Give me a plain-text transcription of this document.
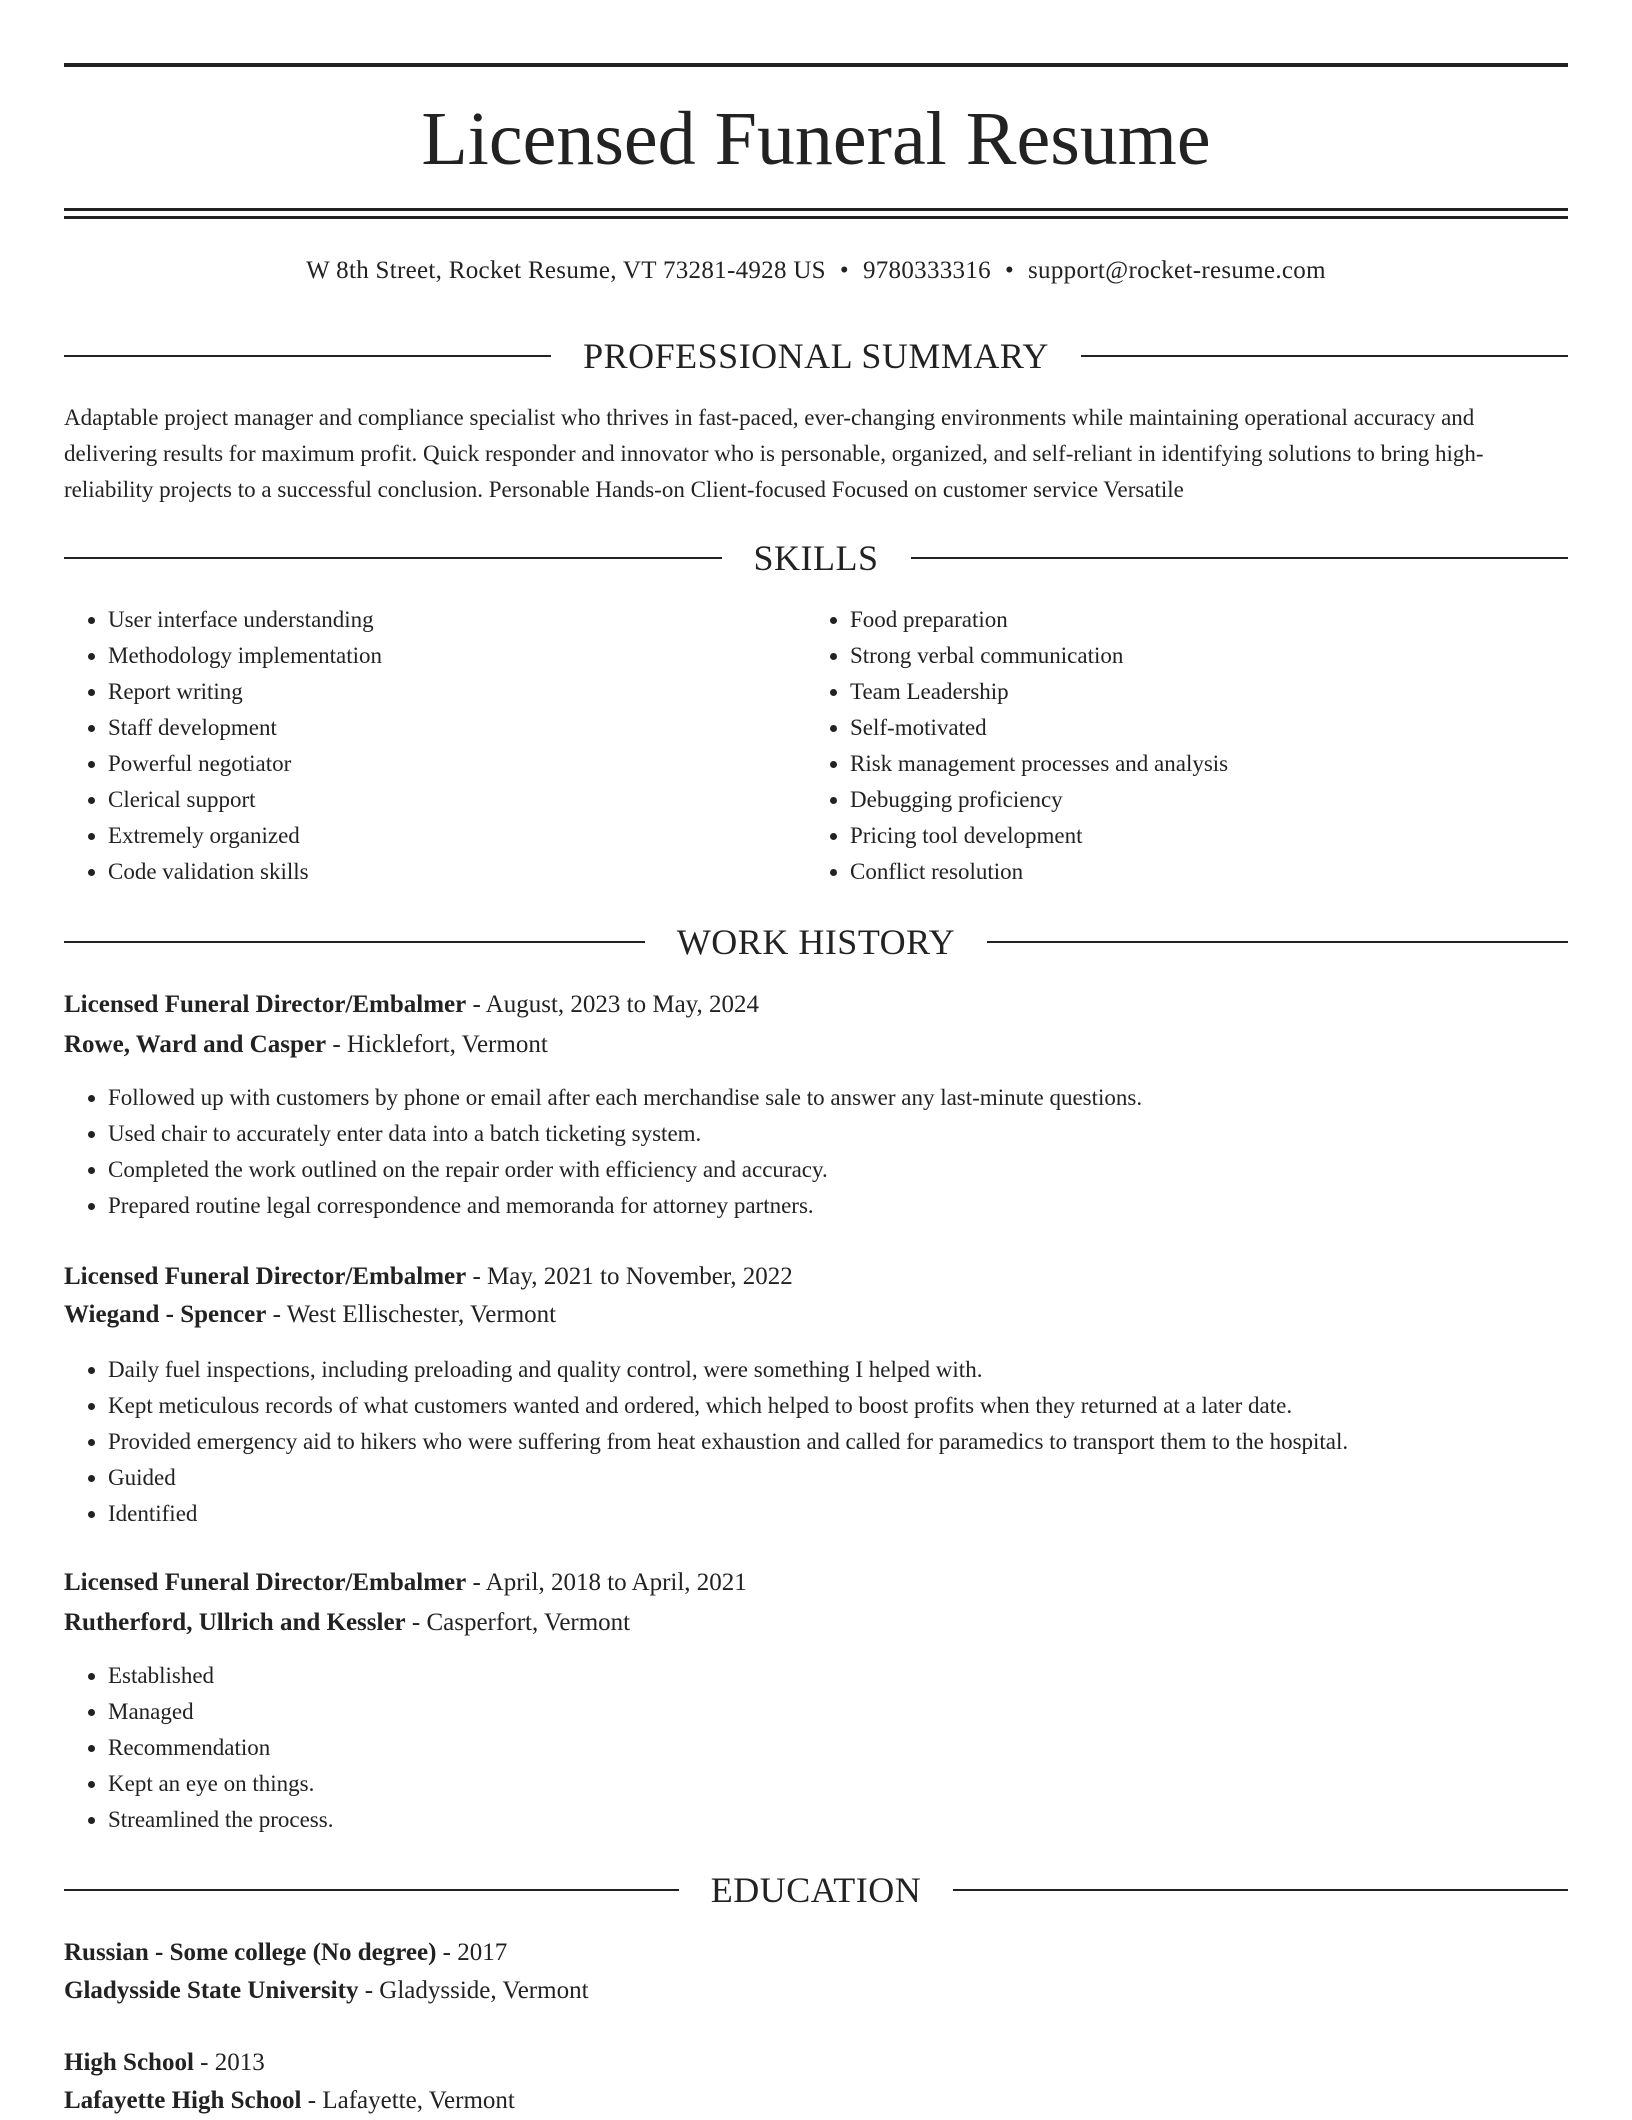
Licensed Funeral Resume
W 8th Street, Rocket Resume, VT 73281-4928 US • 9780333316 • support@rocket-resume.com
PROFESSIONAL SUMMARY

Adaptable project manager and compliance specialist who thrives in fast-paced, ever-changing environments while maintaining operational accuracy and delivering results for maximum profit. Quick responder and innovator who is personable, organized, and self-reliant in identifying solutions to bring high-reliability projects to a successful conclusion. Personable Hands-on Client-focused Focused on customer service Versatile

SKILLS
• User interface understanding
• Methodology implementation
• Report writing
• Staff development
• Powerful negotiator
• Clerical support
• Extremely organized
• Code validation skills
• Food preparation
• Strong verbal communication
• Team Leadership
• Self-motivated
• Risk management processes and analysis
• Debugging proficiency
• Pricing tool development
• Conflict resolution
WORK HISTORY
Licensed Funeral Director/Embalmer - August, 2023 to May, 2024
Rowe, Ward and Casper - Hicklefort, Vermont
• Followed up with customers by phone or email after each merchandise sale to answer any last-minute questions.
• Used chair to accurately enter data into a batch ticketing system.
• Completed the work outlined on the repair order with efficiency and accuracy.
• Prepared routine legal correspondence and memoranda for attorney partners.
Licensed Funeral Director/Embalmer - May, 2021 to November, 2022
Wiegand - Spencer - West Ellischester, Vermont
• Daily fuel inspections, including preloading and quality control, were something I helped with.
• Kept meticulous records of what customers wanted and ordered, which helped to boost profits when they returned at a later date.
• Provided emergency aid to hikers who were suffering from heat exhaustion and called for paramedics to transport them to the hospital.
• Guided
• Identified
Licensed Funeral Director/Embalmer - April, 2018 to April, 2021
Rutherford, Ullrich and Kessler - Casperfort, Vermont
• Established
• Managed
• Recommendation
• Kept an eye on things.
• Streamlined the process.
EDUCATION
Russian - Some college (No degree) - 2017
Gladysside State University - Gladysside, Vermont
High School - 2013
Lafayette High School - Lafayette, Vermont
